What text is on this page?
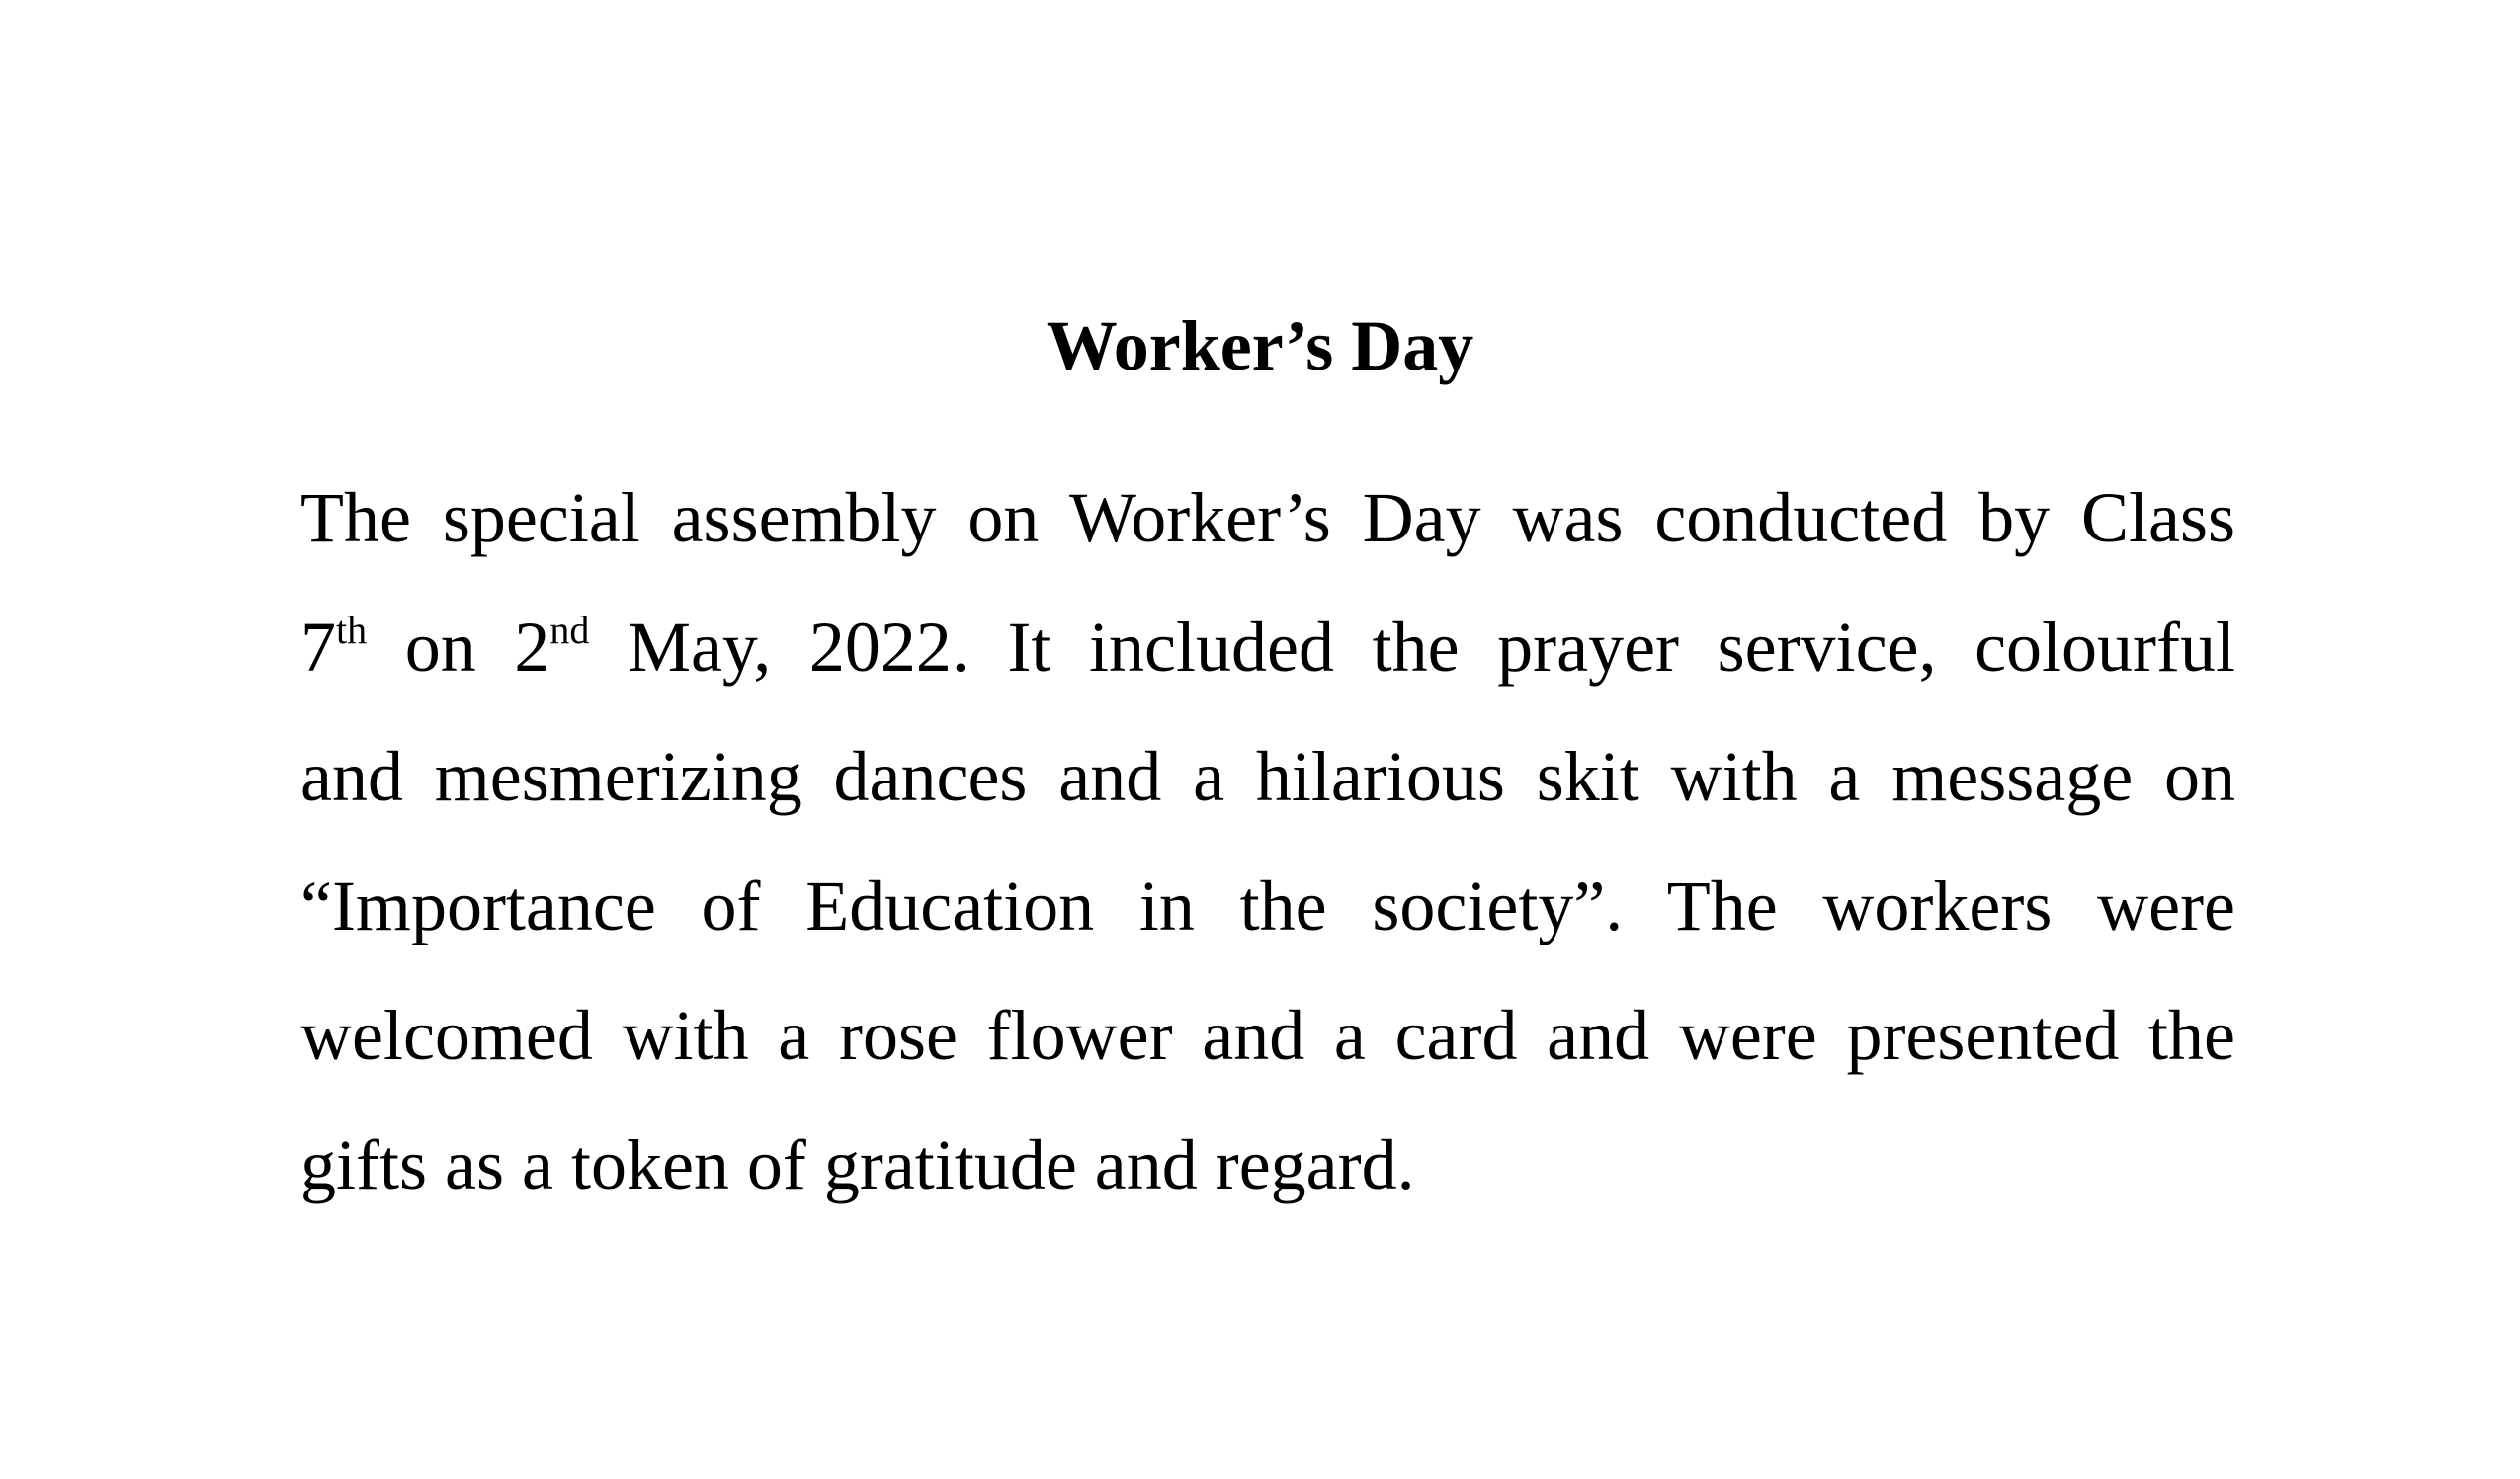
Worker’s Day
The special assembly on Worker’s Day was conducted by Class
7th on 2nd May, 2022. It included the prayer service, colourful
and mesmerizing dances and a hilarious skit with a message on
“Importance of Education in the society”. The workers were
welcomed with a rose flower and a card and were presented the
gifts as a token of gratitude and regard.
